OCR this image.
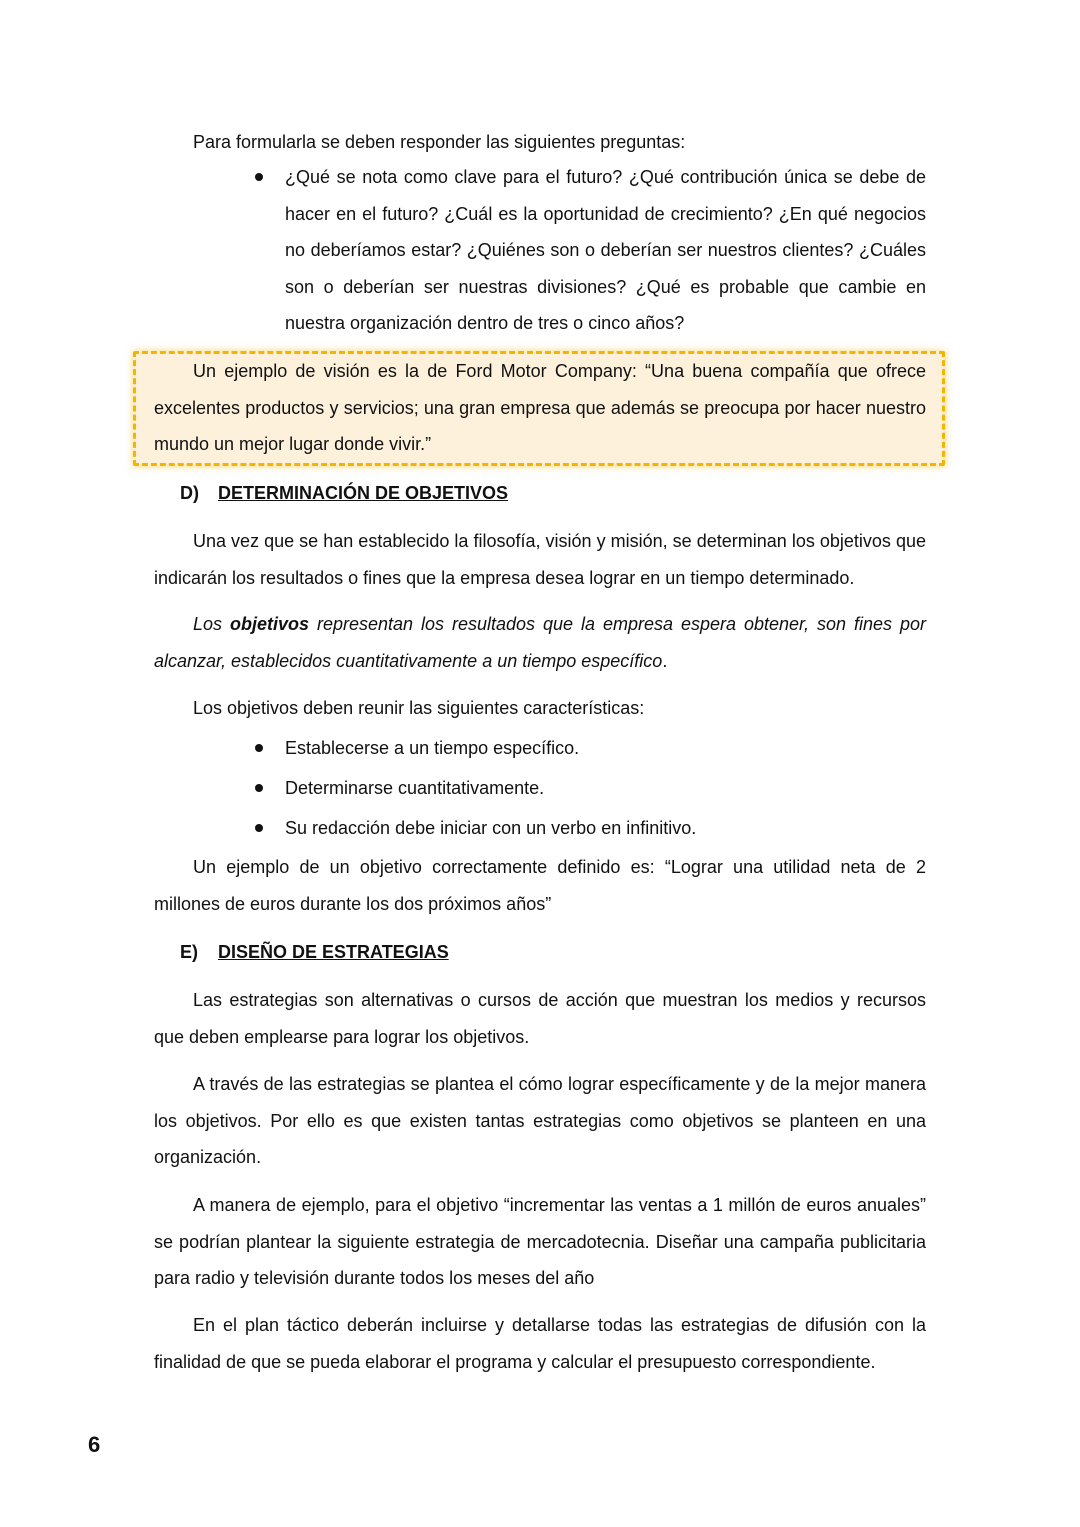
Para formularla se deben responder las siguientes preguntas:

¿Qué se nota como clave para el futuro? ¿Qué contribución única se debe de hacer en el futuro? ¿Cuál es la oportunidad de crecimiento? ¿En qué negocios no deberíamos estar? ¿Quiénes son o deberían ser nuestros clientes? ¿Cuáles son o deberían ser nuestras divisiones? ¿Qué es probable que cambie en nuestra organización dentro de tres o cinco años?

Un ejemplo de visión es la de Ford Motor Company: “Una buena compañía que ofrece excelentes productos y servicios; una gran empresa que además se preocupa por hacer nuestro mundo un mejor lugar donde vivir.”

D) DETERMINACIÓN DE OBJETIVOS

Una vez que se han establecido la filosofía, visión y misión, se determinan los objetivos que indicarán los resultados o fines que la empresa desea lograr en un tiempo determinado.

Los objetivos representan los resultados que la empresa espera obtener, son fines por alcanzar, establecidos cuantitativamente a un tiempo específico.

Los objetivos deben reunir las siguientes características:

Establecerse a un tiempo específico.
Determinarse cuantitativamente.
Su redacción debe iniciar con un verbo en infinitivo.

Un ejemplo de un objetivo correctamente definido es: “Lograr una utilidad neta de 2 millones de euros durante los dos próximos años”

E) DISEÑO DE ESTRATEGIAS

Las estrategias son alternativas o cursos de acción que muestran los medios y recursos que deben emplearse para lograr los objetivos.

A través de las estrategias se plantea el cómo lograr específicamente y de la mejor manera los objetivos. Por ello es que existen tantas estrategias como objetivos se planteen en una organización.

A manera de ejemplo, para el objetivo “incrementar las ventas a 1 millón de euros anuales” se podrían plantear la siguiente estrategia de mercadotecnia. Diseñar una campaña publicitaria para radio y televisión durante todos los meses del año

En el plan táctico deberán incluirse y detallarse todas las estrategias de difusión con la finalidad de que se pueda elaborar el programa y calcular el presupuesto correspondiente.

6
